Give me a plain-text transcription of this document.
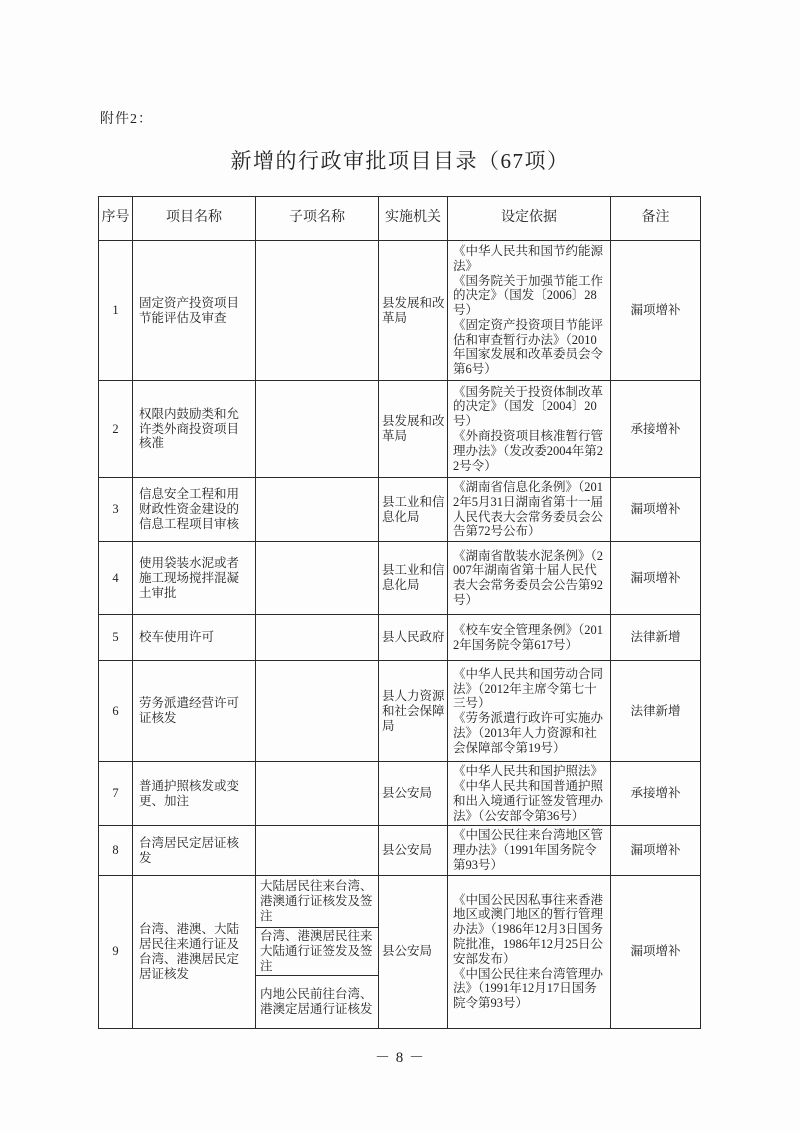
附件2：
新增的行政审批项目目录（67项）
序号	项目名称	子项名称	实施机关	设定依据	备注
1	固定资产投资项目节能评估及审查		县发展和改革局	《中华人民共和国节约能源法》
《国务院关于加强节能工作的决定》（国发〔2006〕28号）
《固定资产投资项目节能评估和审查暂行办法》（2010年国家发展和改革委员会令第6号）	漏项增补
2	权限内鼓励类和允许类外商投资项目核准		县发展和改革局	《国务院关于投资体制改革的决定》（国发〔2004〕20号）
《外商投资项目核准暂行管理办法》（发改委2004年第22号令）	承接增补
3	信息安全工程和用财政性资金建设的信息工程项目审核		县工业和信息化局	《湖南省信息化条例》（2012年5月31日湖南省第十一届人民代表大会常务委员会公告第72号公布）	漏项增补
4	使用袋装水泥或者施工现场搅拌混凝土审批		县工业和信息化局	《湖南省散装水泥条例》（2007年湖南省第十届人民代表大会常务委员会公告第92号）	漏项增补
5	校车使用许可		县人民政府	《校车安全管理条例》（2012年国务院令第617号）	法律新增
6	劳务派遣经营许可证核发		县人力资源和社会保障局	《中华人民共和国劳动合同法》（2012年主席令第七十三号）
《劳务派遣行政许可实施办法》（2013年人力资源和社会保障部令第19号）	法律新增
7	普通护照核发或变更、加注		县公安局	《中华人民共和国护照法》
《中华人民共和国普通护照和出入境通行证签发管理办法》（公安部令第36号）	承接增补
8	台湾居民定居证核发		县公安局	《中国公民往来台湾地区管理办法》（1991年国务院令第93号）	漏项增补
9	台湾、港澳、大陆居民往来通行证及台湾、港澳居民定居证核发	大陆居民往来台湾、港澳通行证核发及签注	县公安局	《中国公民因私事往来香港地区或澳门地区的暂行管理办法》（1986年12月3日国务院批准，1986年12月25日公安部发布）
《中国公民往来台湾管理办法》（1991年12月17日国务院令第93号）	漏项增补
		台湾、港澳居民往来大陆通行证签发及签注			
		内地公民前往台湾、港澳定居通行证核发			
－ 8 －
